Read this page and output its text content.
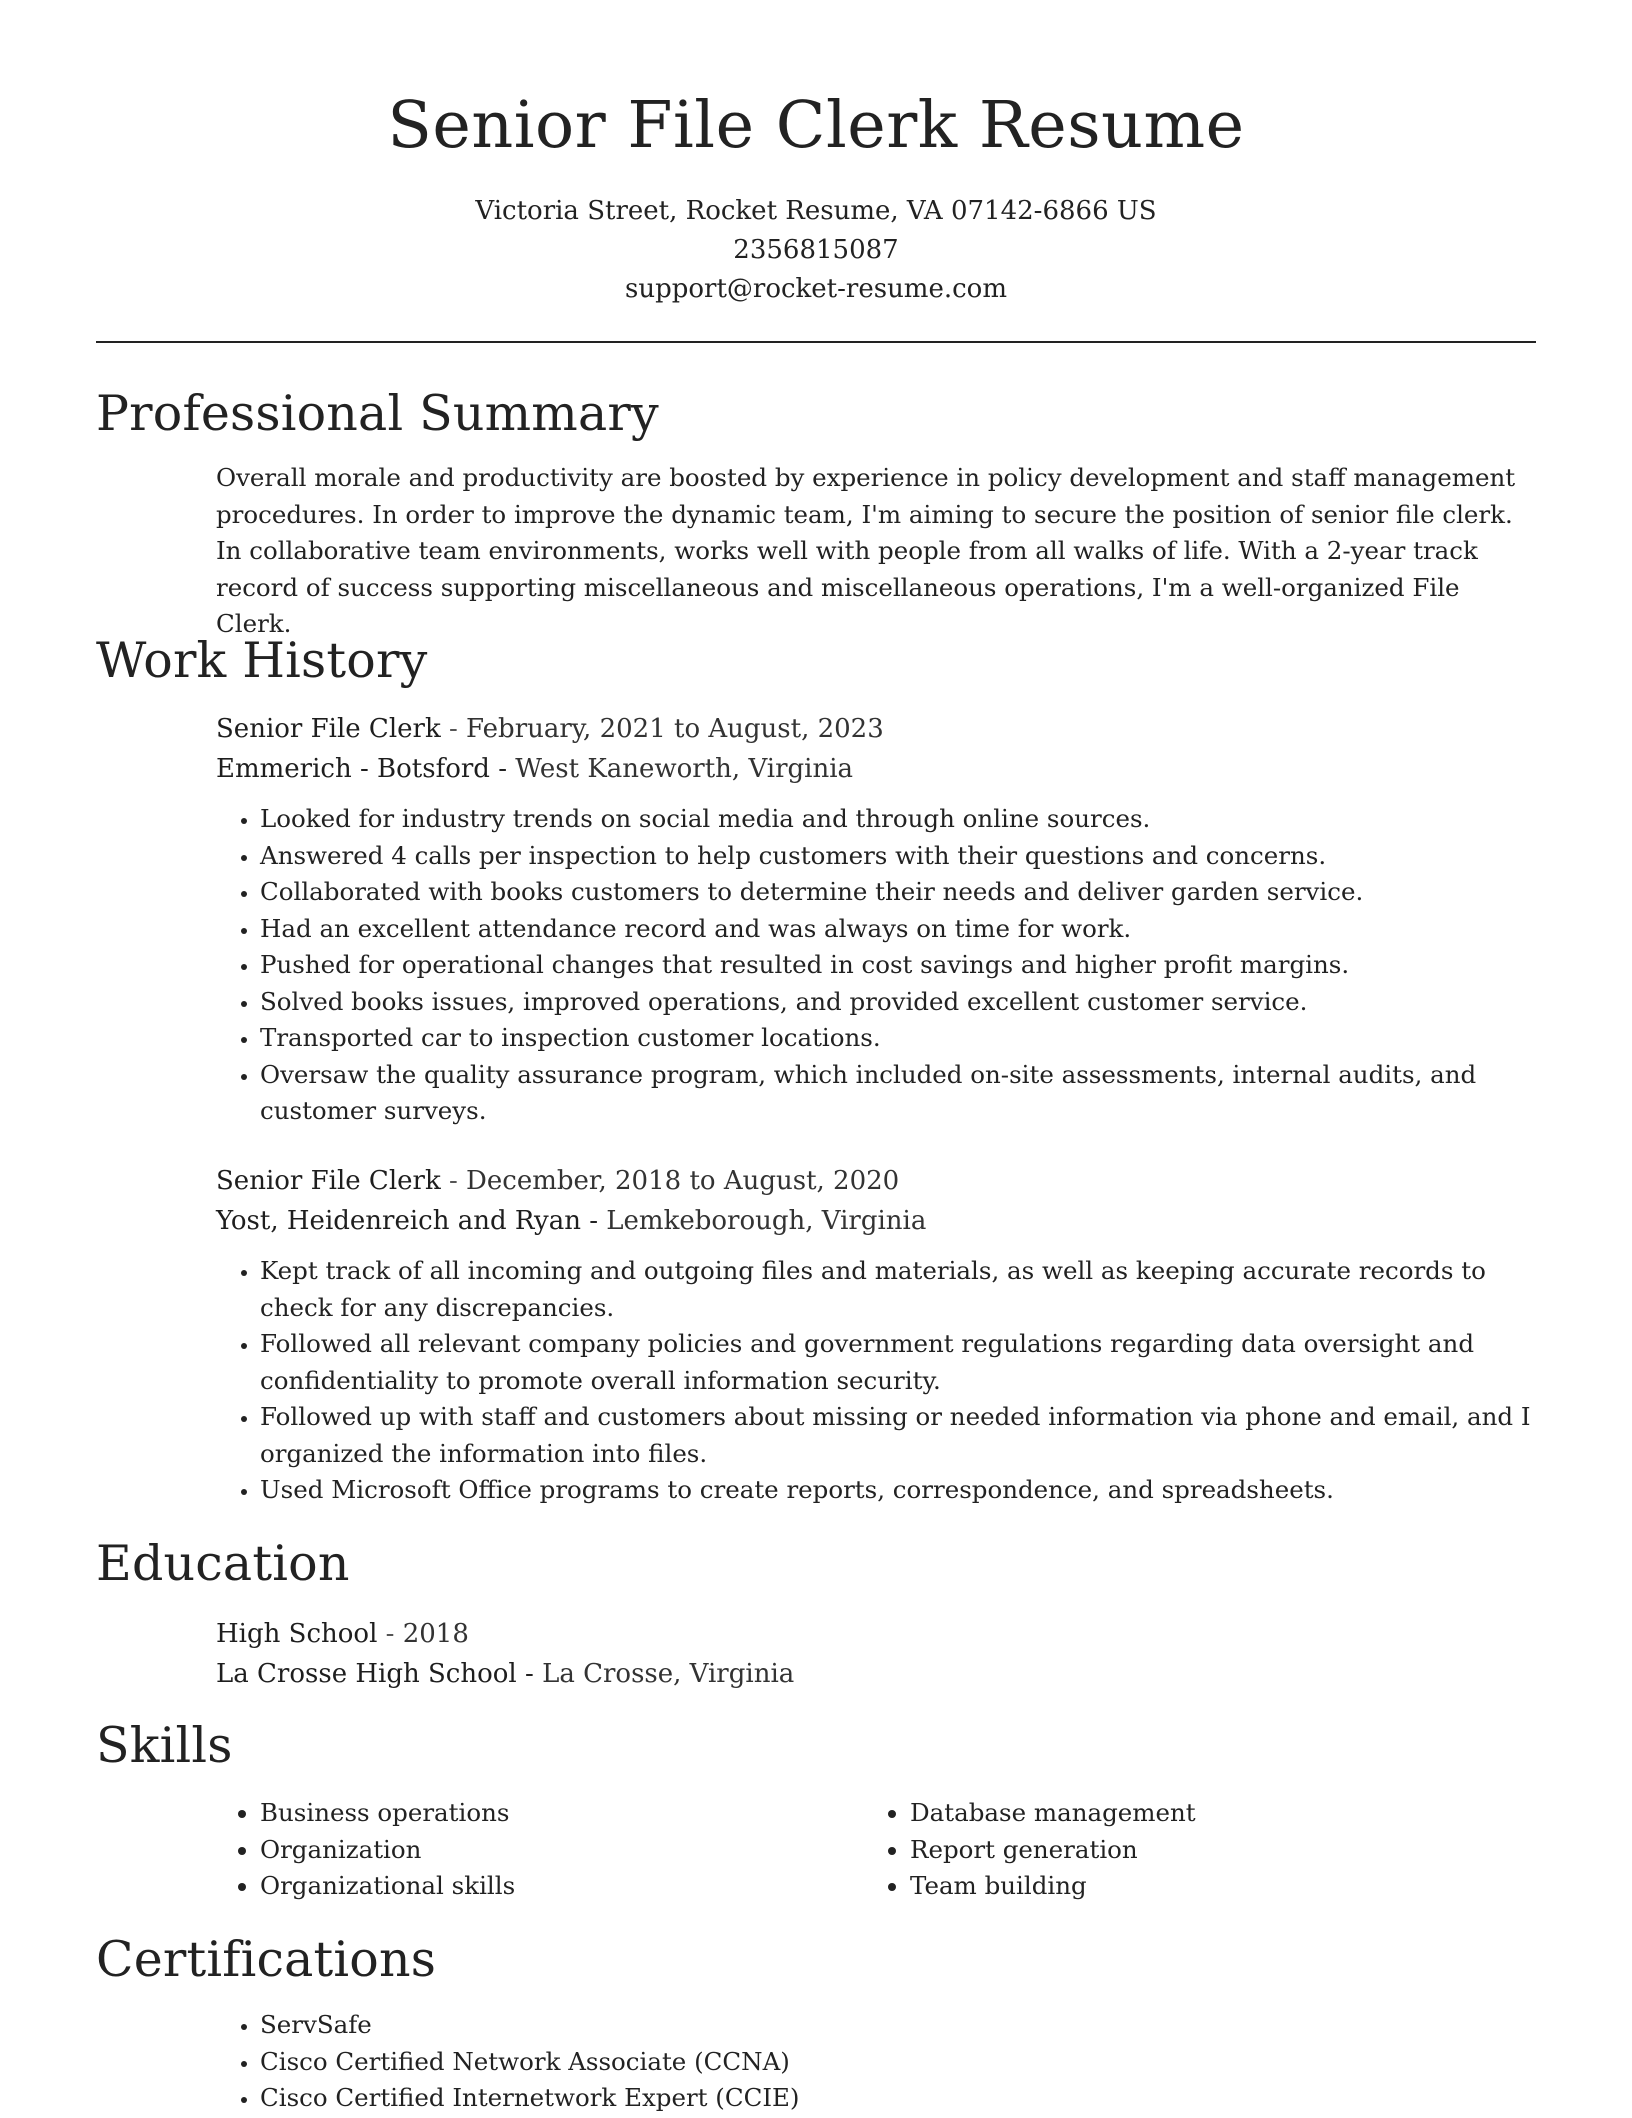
Senior File Clerk Resume
Victoria Street, Rocket Resume, VA 07142-6866 US
2356815087
support@rocket-resume.com
Professional Summary

Overall morale and productivity are boosted by experience in policy development and staff management procedures. In order to improve the dynamic team, I'm aiming to secure the position of senior file clerk. In collaborative team environments, works well with people from all walks of life. With a 2-year track record of success supporting miscellaneous and miscellaneous operations, I'm a well-organized File Clerk.

Work History
Senior File Clerk - February, 2021 to August, 2023
Emmerich - Botsford - West Kaneworth, Virginia
• Looked for industry trends on social media and through online sources.
• Answered 4 calls per inspection to help customers with their questions and concerns.
• Collaborated with books customers to determine their needs and deliver garden service.
• Had an excellent attendance record and was always on time for work.
• Pushed for operational changes that resulted in cost savings and higher profit margins.
• Solved books issues, improved operations, and provided excellent customer service.
• Transported car to inspection customer locations.
• Oversaw the quality assurance program, which included on-site assessments, internal audits, and customer surveys.
Senior File Clerk - December, 2018 to August, 2020
Yost, Heidenreich and Ryan - Lemkeborough, Virginia
• Kept track of all incoming and outgoing files and materials, as well as keeping accurate records to check for any discrepancies.
• Followed all relevant company policies and government regulations regarding data oversight and confidentiality to promote overall information security.
• Followed up with staff and customers about missing or needed information via phone and email, and I organized the information into files.
• Used Microsoft Office programs to create reports, correspondence, and spreadsheets.
Education
High School - 2018
La Crosse High School - La Crosse, Virginia
Skills
• Business operations
• Organization
• Organizational skills
• Database management
• Report generation
• Team building
Certifications
• ServSafe
• Cisco Certified Network Associate (CCNA)
• Cisco Certified Internetwork Expert (CCIE)
